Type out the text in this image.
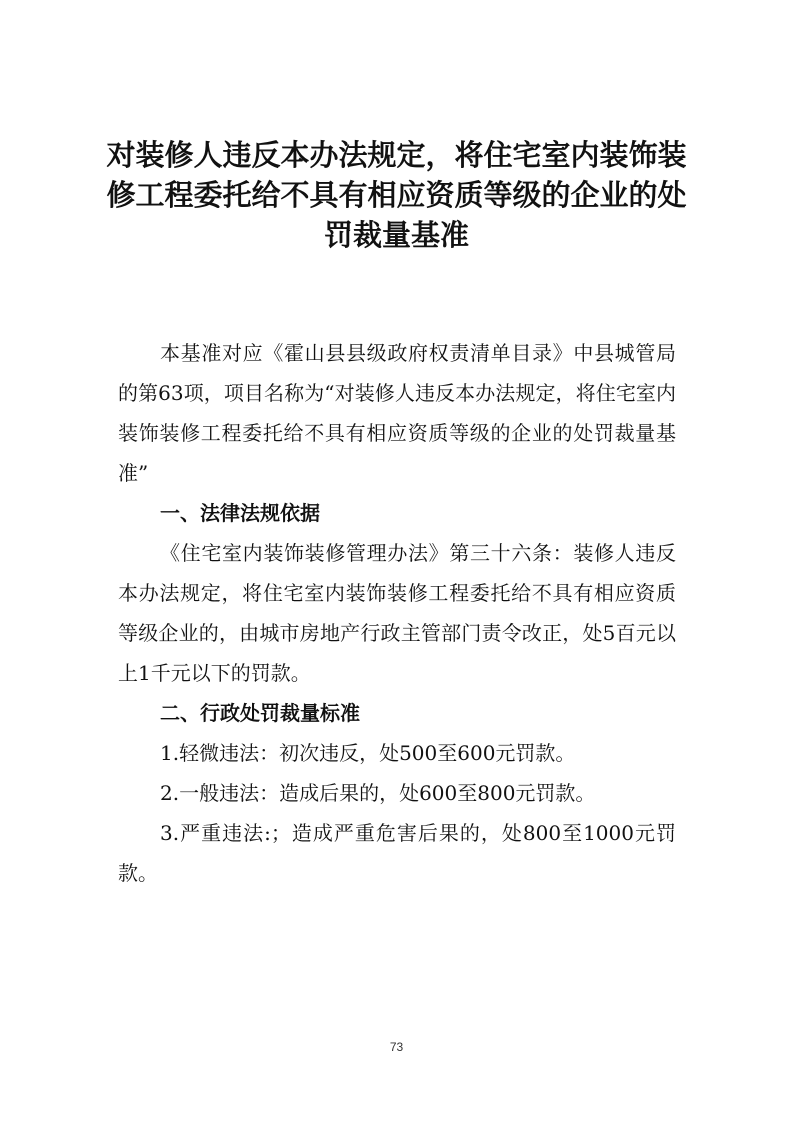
对装修人违反本办法规定，将住宅室内装饰装修工程委托给不具有相应资质等级的企业的处罚裁量基准

本基准对应《霍山县县级政府权责清单目录》中县城管局的第63项，项目名称为“对装修人违反本办法规定，将住宅室内装饰装修工程委托给不具有相应资质等级的企业的处罚裁量基准”

一、法律法规依据

《住宅室内装饰装修管理办法》第三十六条：装修人违反本办法规定，将住宅室内装饰装修工程委托给不具有相应资质等级企业的，由城市房地产行政主管部门责令改正，处5百元以上1千元以下的罚款。

二、行政处罚裁量标准

1.轻微违法：初次违反，处500至600元罚款。

2.一般违法：造成后果的，处600至800元罚款。

3.严重违法:；造成严重危害后果的，处800至1000元罚款。

73
